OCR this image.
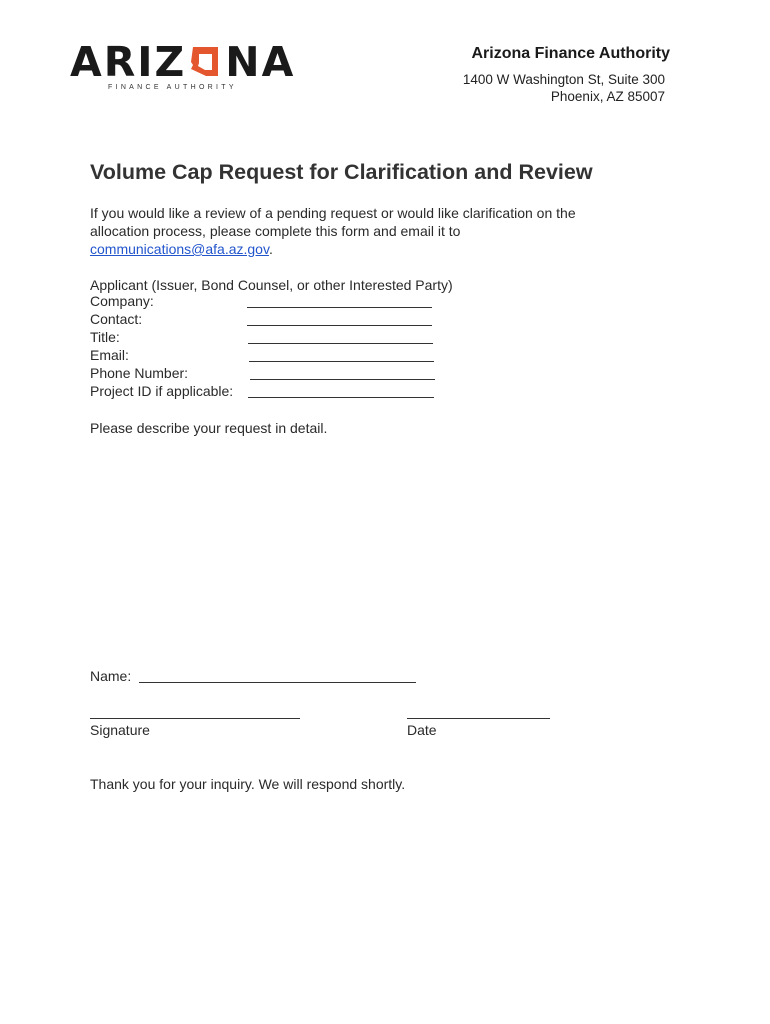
ARIZ NA
FINANCE AUTHORITY
Arizona Finance Authority
1400 W Washington St, Suite 300
Phoenix, AZ 85007
Volume Cap Request for Clarification and Review
If you would like a review of a pending request or would like clarification on the
allocation process, please complete this form and email it to
communications@afa.az.gov.
Applicant (Issuer, Bond Counsel, or other Interested Party)
Company:
Contact:
Title:
Email:
Phone Number:
Project ID if applicable:
Please describe your request in detail.
Name:
Signature	Date
Thank you for your inquiry. We will respond shortly.
